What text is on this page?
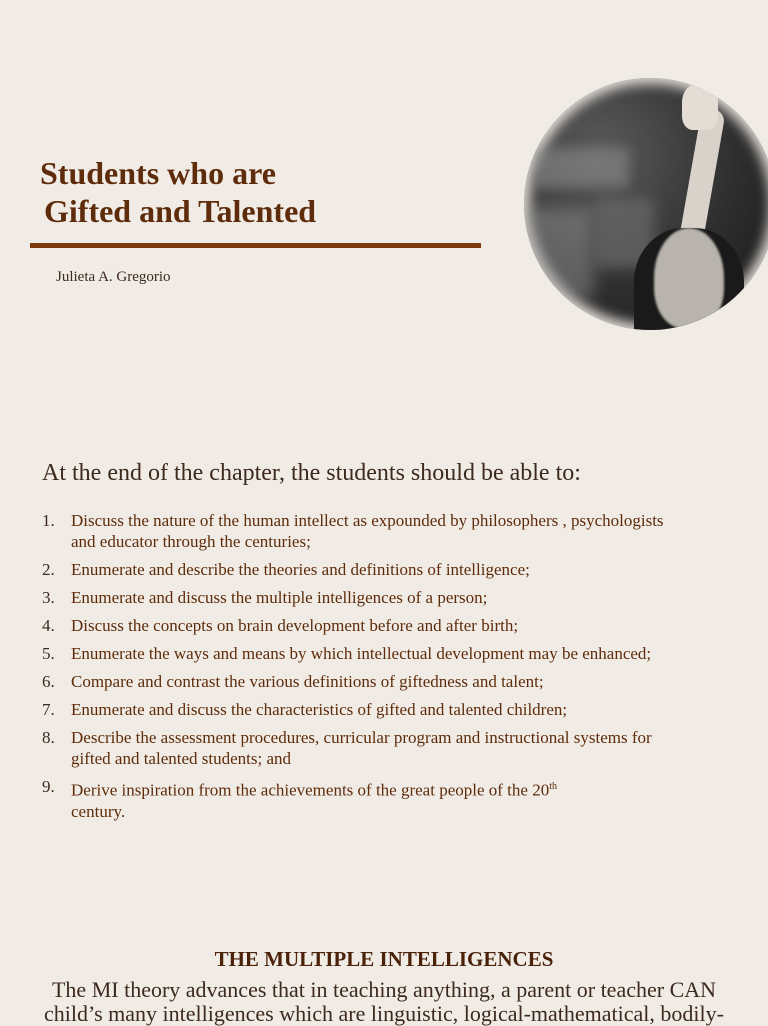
Students who are
Gifted and Talented
Julieta A. Gregorio
At the end of the chapter, the students should be able to:
1. Discuss the nature of the human intellect as expounded by philosophers , psychologists and educator through the centuries;
2. Enumerate and describe the theories and definitions of intelligence;
3. Enumerate and discuss the multiple intelligences of a person;
4. Discuss the concepts on brain development before and after birth;
5. Enumerate the ways and means by which intellectual development may be enhanced;
6. Compare and contrast the various definitions of giftedness and talent;
7. Enumerate and discuss the characteristics of gifted and talented children;
8. Describe the assessment procedures, curricular program and instructional systems for gifted and talented students; and
9. Derive inspiration from the achievements of the great people of the 20th
century.
THE MULTIPLE INTELLIGENCES

The MI theory advances that in teaching anything, a parent or teacher CAN child’s many intelligences which are linguistic, logical-mathematical, bodily-
